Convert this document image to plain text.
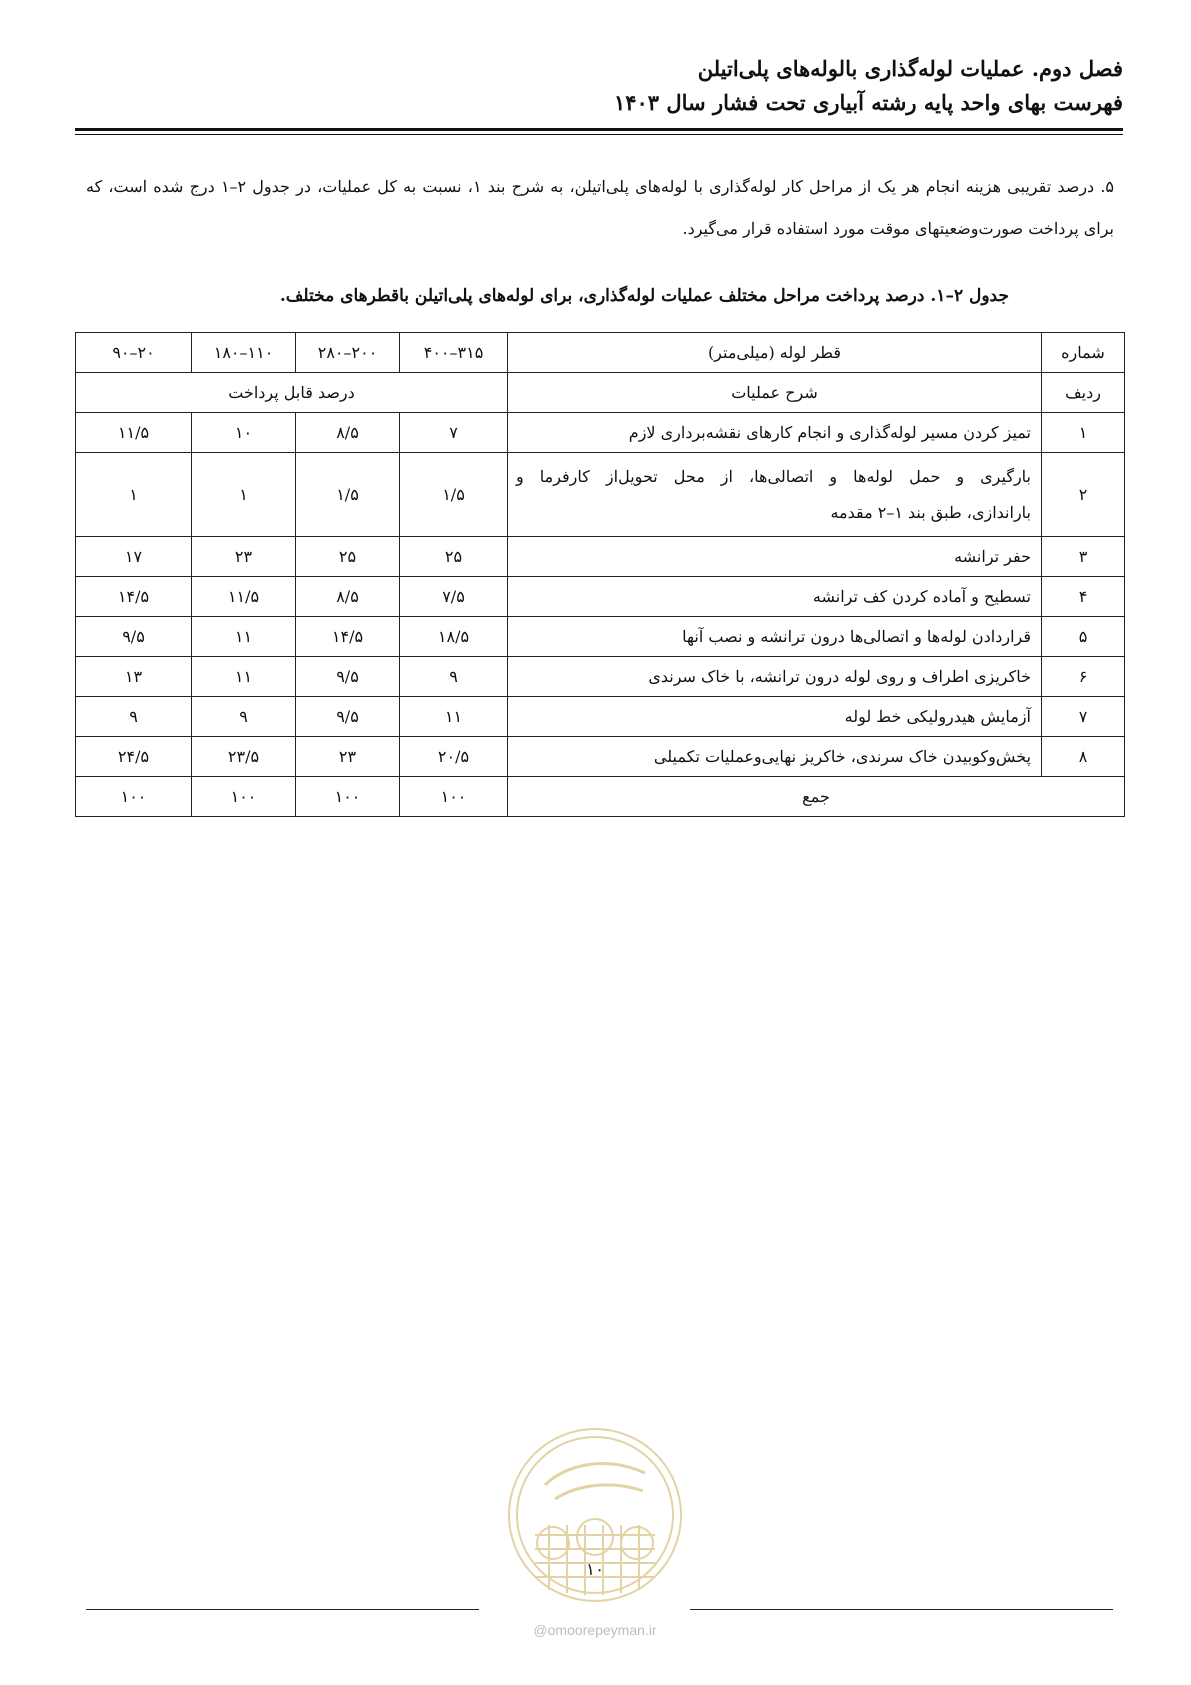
فصل دوم. عملیات لوله‌گذاری بالوله‌های پلی‌اتیلن
فهرست بهای واحد پایه رشته آبیاری تحت فشار سال ۱۴۰۳

۵. درصد تقریبی هزینه انجام هر یک از مراحل کار لوله‌گذاری با لوله‌های پلی‌اتیلن، به شرح بند ۱، نسبت به کل عملیات، در جدول ۲–۱ درج شده است، که برای پرداخت صورت‌وضعیتهای موقت مورد استفاده قرار می‌گیرد.

جدول ۲–۱. درصد پرداخت مراحل مختلف عملیات لوله‌گذاری، برای لوله‌های پلی‌اتیلن باقطرهای مختلف.
شماره	قطر لوله (میلی‌متر)	۳۱۵–۴۰۰	۲۰۰–۲۸۰	۱۱۰–۱۸۰	۲۰–۹۰
ردیف	شرح عملیات	درصد قابل پرداخت			
۱	تمیز کردن مسیر لوله‌گذاری و انجام کارهای نقشه‌برداری لازم	۷	۸/۵	۱۰	۱۱/۵
۲	بارگیری و حمل لوله‌ها و اتصالی‌ها، از محل تحویل‌از کارفرما و
باراندازی، طبق بند ۱–۲ مقدمه	۱/۵	۱/۵	۱	۱
۳	حفر ترانشه	۲۵	۲۵	۲۳	۱۷
۴	تسطیح و آماده کردن کف ترانشه	۷/۵	۸/۵	۱۱/۵	۱۴/۵
۵	قراردادن لوله‌ها و اتصالی‌ها درون ترانشه و نصب آنها	۱۸/۵	۱۴/۵	۱۱	۹/۵
۶	خاکریزی اطراف و روی لوله درون ترانشه، با خاک سرندی	۹	۹/۵	۱۱	۱۳
۷	آزمایش هیدرولیکی خط لوله	۱۱	۹/۵	۹	۹
۸	پخش‌وکوبیدن خاک سرندی، خاکریز نهایی‌وعملیات تکمیلی	۲۰/۵	۲۳	۲۳/۵	۲۴/۵
جمع		۱۰۰	۱۰۰	۱۰۰	۱۰۰
۱۰
@omoorepeyman.ir
